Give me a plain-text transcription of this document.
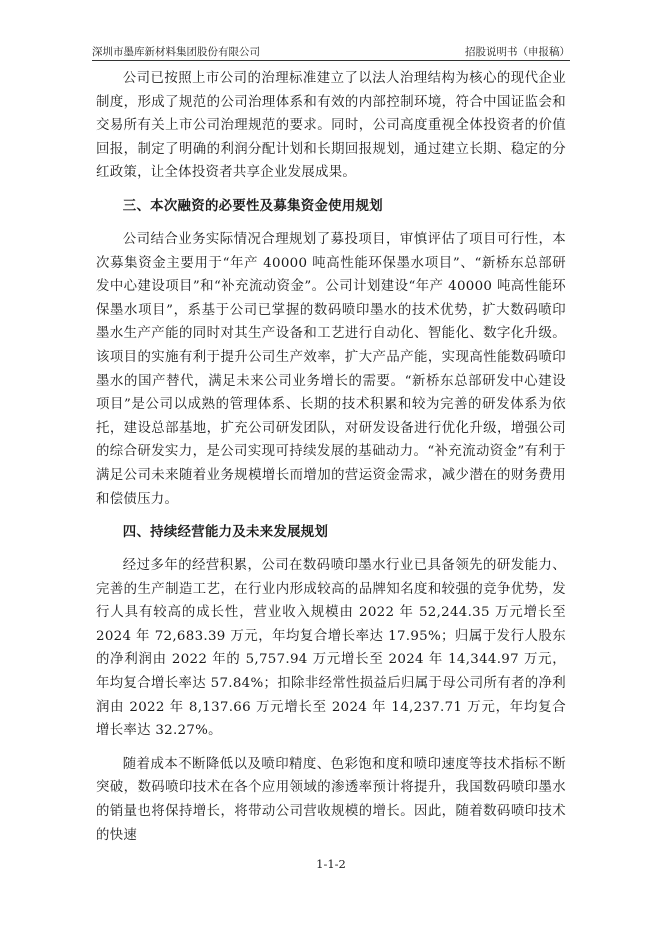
深圳市墨库新材料集团股份有限公司	招股说明书（申报稿）

公司已按照上市公司的治理标准建立了以法人治理结构为核心的现代企业制度，形成了规范的公司治理体系和有效的内部控制环境，符合中国证监会和交易所有关上市公司治理规范的要求。同时，公司高度重视全体投资者的价值回报，制定了明确的利润分配计划和长期回报规划，通过建立长期、稳定的分红政策，让全体投资者共享企业发展成果。

三、本次融资的必要性及募集资金使用规划

公司结合业务实际情况合理规划了募投项目，审慎评估了项目可行性，本次募集资金主要用于“年产 40000 吨高性能环保墨水项目”、“新桥东总部研发中心建设项目”和“补充流动资金”。公司计划建设“年产 40000 吨高性能环保墨水项目”，系基于公司已掌握的数码喷印墨水的技术优势，扩大数码喷印墨水生产产能的同时对其生产设备和工艺进行自动化、智能化、数字化升级。该项目的实施有利于提升公司生产效率，扩大产品产能，实现高性能数码喷印墨水的国产替代，满足未来公司业务增长的需要。“新桥东总部研发中心建设项目”是公司以成熟的管理体系、长期的技术积累和较为完善的研发体系为依托，建设总部基地，扩充公司研发团队，对研发设备进行优化升级，增强公司的综合研发实力，是公司实现可持续发展的基础动力。“补充流动资金”有利于满足公司未来随着业务规模增长而增加的营运资金需求，减少潜在的财务费用和偿债压力。

四、持续经营能力及未来发展规划

经过多年的经营积累，公司在数码喷印墨水行业已具备领先的研发能力、完善的生产制造工艺，在行业内形成较高的品牌知名度和较强的竞争优势，发行人具有较高的成长性，营业收入规模由 2022 年 52,244.35 万元增长至 2024 年 72,683.39 万元，年均复合增长率达 17.95%；归属于发行人股东的净利润由 2022 年的 5,757.94 万元增长至 2024 年 14,344.97 万元，年均复合增长率达 57.84%；扣除非经常性损益后归属于母公司所有者的净利润由 2022 年 8,137.66 万元增长至 2024 年 14,237.71 万元，年均复合增长率达 32.27%。

随着成本不断降低以及喷印精度、色彩饱和度和喷印速度等技术指标不断突破，数码喷印技术在各个应用领域的渗透率预计将提升，我国数码喷印墨水的销量也将保持增长，将带动公司营收规模的增长。因此，随着数码喷印技术的快速

1-1-2
